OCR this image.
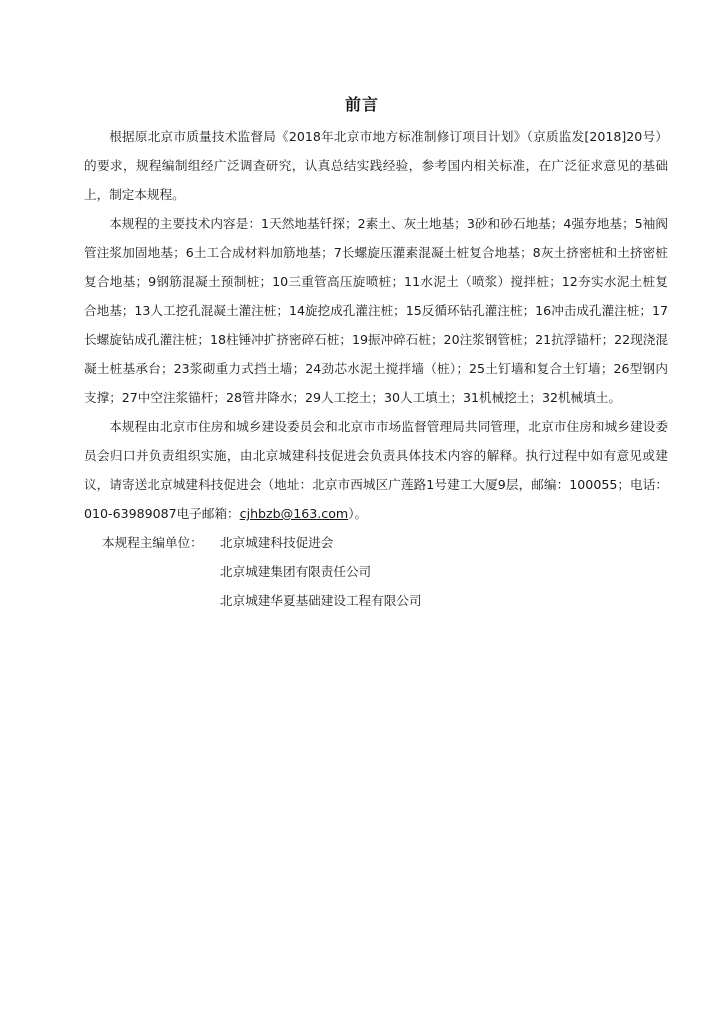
前言

根据原北京市质量技术监督局《2018年北京市地方标准制修订项目计划》（京质监发[2018]20号）的要求，规程编制组经广泛调查研究，认真总结实践经验，参考国内相关标准，在广泛征求意见的基础上，制定本规程。

本规程的主要技术内容是：1天然地基钎探；2素土、灰土地基；3砂和砂石地基；4强夯地基；5袖阀管注浆加固地基；6土工合成材料加筋地基；7长螺旋压灌素混凝土桩复合地基；8灰土挤密桩和土挤密桩复合地基；9钢筋混凝土预制桩；10三重管高压旋喷桩；11水泥土（喷浆）搅拌桩；12夯实水泥土桩复合地基；13人工挖孔混凝土灌注桩；14旋挖成孔灌注桩；15反循环钻孔灌注桩；16冲击成孔灌注桩；17长螺旋钻成孔灌注桩；18柱锤冲扩挤密碎石桩；19振冲碎石桩；20注浆钢管桩；21抗浮锚杆；22现浇混凝土桩基承台；23浆砌重力式挡土墙；24劲芯水泥土搅拌墙（桩）；25土钉墙和复合土钉墙；26型钢内支撑；27中空注浆锚杆；28管井降水；29人工挖土；30人工填土；31机械挖土；32机械填土。

本规程由北京市住房和城乡建设委员会和北京市市场监督管理局共同管理，北京市住房和城乡建设委员会归口并负责组织实施，由北京城建科技促进会负责具体技术内容的解释。执行过程中如有意见或建议，请寄送北京城建科技促进会（地址：北京市西城区广莲路1号建工大厦9层，邮编：100055；电话：010-63989087电子邮箱：cjhbzb@163.com）。

本规程主编单位：	北京城建科技促进会
北京城建集团有限责任公司
北京城建华夏基础建设工程有限公司
